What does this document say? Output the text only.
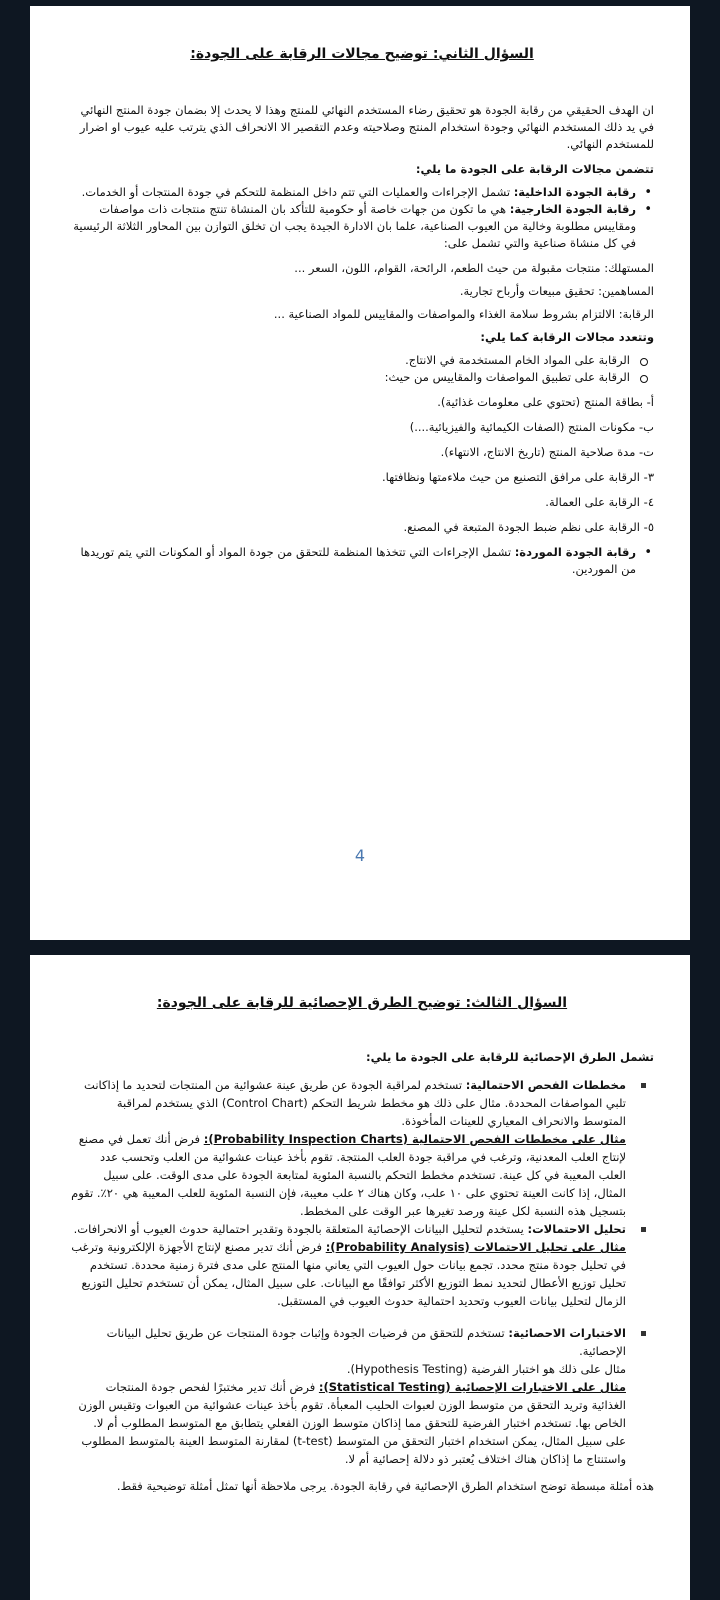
السؤال الثاني: توضيح مجالات الرقابة على الجودة:

ان الهدف الحقيقي من رقابة الجودة هو تحقيق رضاء المستخدم النهائي للمنتج وهذا لا يحدث إلا بضمان جودة المنتج النهائي في يد ذلك المستخدم النهائي وجودة استخدام المنتج وصلاحيته وعدم التقصير الا الانحراف الذي يترتب عليه عيوب او اضرار للمستخدم النهائي.

تتضمن مجالات الرقابة على الجودة ما يلي:

• رقابة الجودة الداخلية: تشمل الإجراءات والعمليات التي تتم داخل المنظمة للتحكم في جودة المنتجات أو الخدمات.
• رقابة الجودة الخارجية: هي ما تكون من جهات خاصة أو حكومية للتأكد بان المنشاة تنتج منتجات ذات مواصفات ومقاييس مطلوبة وخالية من العيوب الصناعية، علما بان الادارة الجيدة يجب ان تخلق التوازن بين المحاور الثلاثة الرئيسية في كل منشاة صناعية والتي تشمل على:

المستهلك: منتجات مقبولة من حيث الطعم، الرائحة، القوام، اللون، السعر ...

المساهمين: تحقيق مبيعات وأرباح تجارية.

الرقابة: الالتزام بشروط سلامة الغذاء والمواصفات والمقاييس للمواد الصناعية ...

وتتعدد مجالات الرقابة كما يلي:

الرقابة على المواد الخام المستخدمة في الانتاج.
الرقابة على تطبيق المواصفات والمقاييس من حيث:

أ- بطاقة المنتج (تحتوي على معلومات غذائية).

ب- مكونات المنتج (الصفات الكيمائية والفيزيائية....)

ت- مدة صلاحية المنتج (تاريخ الانتاج، الانتهاء).

٣- الرقابة على مرافق التصنيع من حيث ملاءمتها ونظافتها.

٤- الرقابة على العمالة.

٥- الرقابة على نظم ضبط الجودة المتبعة في المصنع.

• رقابة الجودة الموردة: تشمل الإجراءات التي تتخذها المنظمة للتحقق من جودة المواد أو المكونات التي يتم توريدها من الموردين.
4
السؤال الثالث: توضيح الطرق الإحصائية للرقابة على الجودة:

تشمل الطرق الإحصائية للرقابة على الجودة ما يلي:

مخططات الفحص الاحتمالية: تستخدم لمراقبة الجودة عن طريق عينة عشوائية من المنتجات لتحديد ما إذاكانت تلبي المواصفات المحددة. مثال على ذلك هو مخطط شريط التحكم (Control Chart) الذي يستخدم لمراقبة المتوسط والانحراف المعياري للعينات المأخوذة.

مثال على مخططات الفحص الاحتمالية (Probability Inspection Charts): فرض أنك تعمل في مصنع لإنتاج العلب المعدنية، وترغب في مراقبة جودة العلب المنتجة. تقوم بأخذ عينات عشوائية من العلب وتحسب عدد العلب المعيبة في كل عينة. تستخدم مخطط التحكم بالنسبة المئوية لمتابعة الجودة على مدى الوقت. على سبيل المثال، إذا كانت العينة تحتوي على ١٠ علب، وكان هناك ٢ علب معيبة، فإن النسبة المئوية للعلب المعيبة هي ٢٠٪. تقوم بتسجيل هذه النسبة لكل عينة ورصد تغيرها عبر الوقت على المخطط.

تحليل الاحتمالات: يستخدم لتحليل البيانات الإحصائية المتعلقة بالجودة وتقدير احتمالية حدوث العيوب أو الانحرافات.

مثال على تحليل الاحتمالات (Probability Analysis): فرض أنك تدير مصنع لإنتاج الأجهزة الإلكترونية وترغب في تحليل جودة منتج محدد. تجمع بيانات حول العيوب التي يعاني منها المنتج على مدى فترة زمنية محددة. تستخدم تحليل توزيع الأعطال لتحديد نمط التوزيع الأكثر توافقًا مع البيانات. على سبيل المثال، يمكن أن تستخدم تحليل التوزيع الزمال لتحليل بيانات العيوب وتحديد احتمالية حدوث العيوب في المستقبل.

الاختبارات الاحصائية: تستخدم للتحقق من فرضيات الجودة وإثبات جودة المنتجات عن طريق تحليل البيانات الإحصائية.

مثال على ذلك هو اختبار الفرضية (Hypothesis Testing).

مثال على الاختبارات الإحصائية (Statistical Testing): فرض أنك تدير مختبرًا لفحص جودة المنتجات الغذائية وتريد التحقق من متوسط الوزن لعبوات الحليب المعبأة. تقوم بأخذ عينات عشوائية من العبوات وتقيس الوزن الخاص بها. تستخدم اختبار الفرضية للتحقق مما إذاكان متوسط الوزن الفعلي يتطابق مع المتوسط المطلوب أم لا. على سبيل المثال، يمكن استخدام اختبار التحقق من المتوسط (t-test) لمقارنة المتوسط العينة بالمتوسط المطلوب واستنتاج ما إذاكان هناك اختلاف يُعتبر ذو دلالة إحصائية أم لا.

هذه أمثلة مبسطة توضح استخدام الطرق الإحصائية في رقابة الجودة. يرجى ملاحظة أنها تمثل أمثلة توضيحية فقط.
